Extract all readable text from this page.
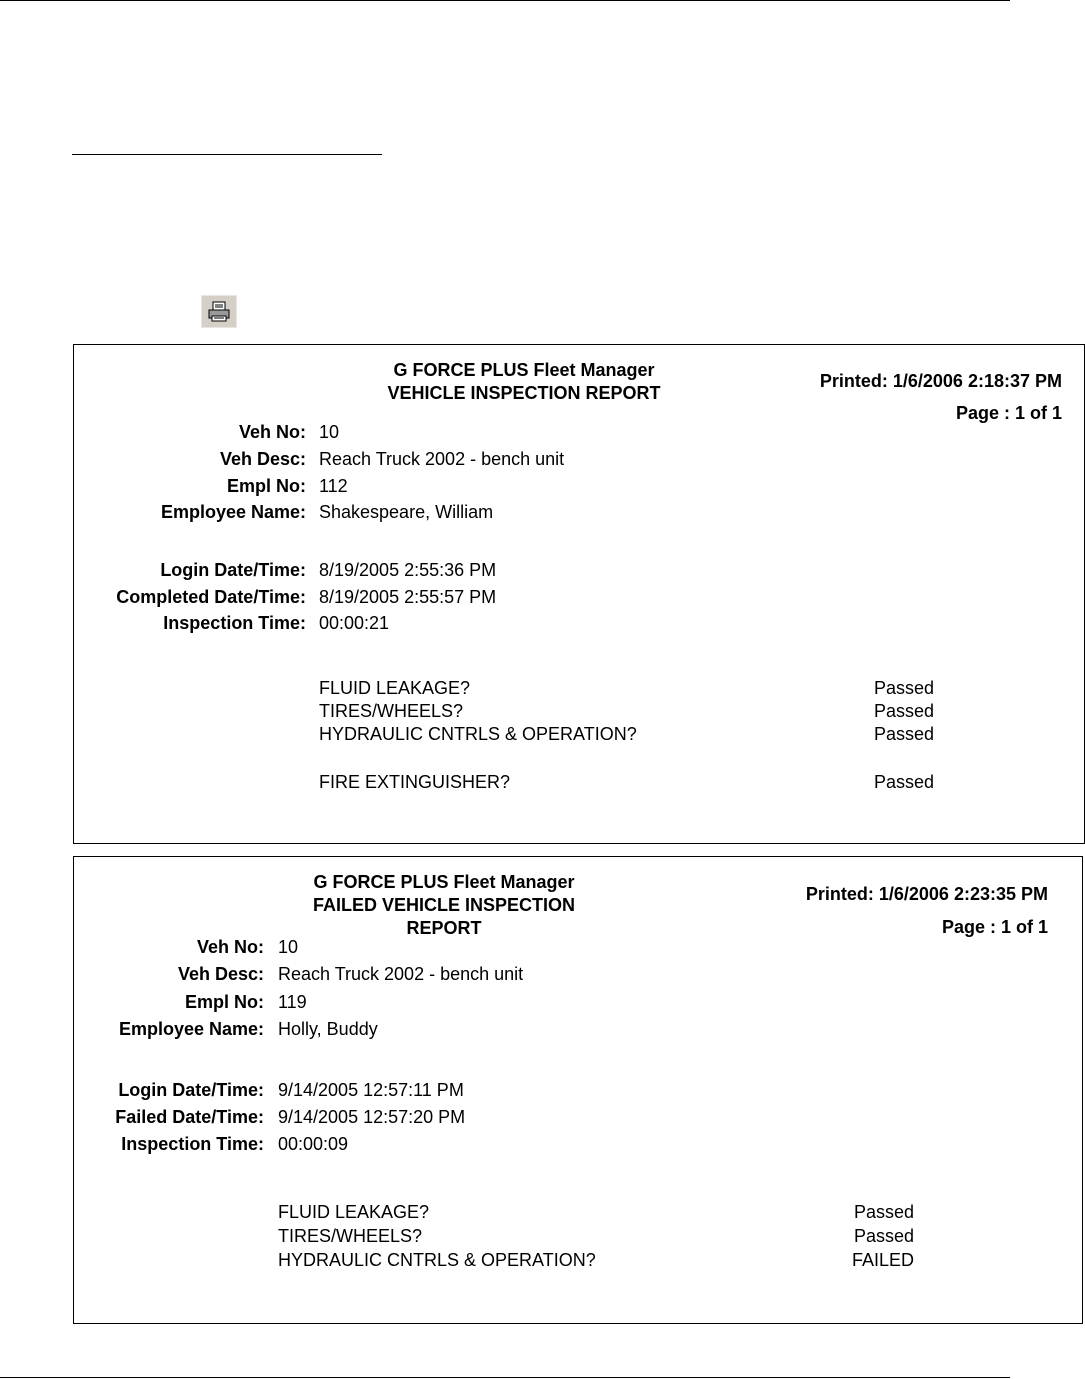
G FORCE PLUS Fleet Manager
VEHICLE INSPECTION REPORT
Printed: 1/6/2006 2:18:37 PM
Page : 1 of 1
Veh No: 10
Veh Desc: Reach Truck 2002 - bench unit
Empl No: 112
Employee Name: Shakespeare, William
Login Date/Time: 8/19/2005 2:55:36 PM
Completed Date/Time: 8/19/2005 2:55:57 PM
Inspection Time: 00:00:21
FLUID LEAKAGE?	Passed
TIRES/WHEELS?	Passed
HYDRAULIC CNTRLS & OPERATION?	Passed
FIRE EXTINGUISHER?	Passed
G FORCE PLUS Fleet Manager
FAILED VEHICLE INSPECTION REPORT
Printed: 1/6/2006 2:23:35 PM
Page : 1 of 1
Veh No: 10
Veh Desc: Reach Truck 2002 - bench unit
Empl No: 119
Employee Name: Holly, Buddy
Login Date/Time: 9/14/2005 12:57:11 PM
Failed Date/Time: 9/14/2005 12:57:20 PM
Inspection Time: 00:00:09
FLUID LEAKAGE?	Passed
TIRES/WHEELS?	Passed
HYDRAULIC CNTRLS & OPERATION?	FAILED
